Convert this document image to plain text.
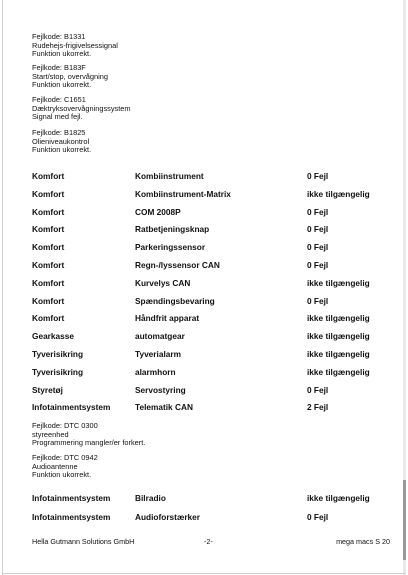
Fejlkode: B1331
Rudehejs-frigivelsessignal
Funktion ukorrekt.
Fejlkode: B183F
Start/stop, overvågning
Funktion ukorrekt.
Fejlkode: C1651
Dæktryksovervågningssystem
Signal med fejl.
Fejlkode: B1825
Olieniveaukontrol
Funktion ukorrekt.
Komfort	Kombiinstrument	0 Fejl
Komfort	Kombiinstrument-Matrix	ikke tilgængelig
Komfort	COM 2008P	0 Fejl
Komfort	Ratbetjeningsknap	0 Fejl
Komfort	Parkeringssensor	0 Fejl
Komfort	Regn-/lyssensor CAN	0 Fejl
Komfort	Kurvelys CAN	ikke tilgængelig
Komfort	Spændingsbevaring	0 Fejl
Komfort	Håndfrit apparat	ikke tilgængelig
Gearkasse	automatgear	ikke tilgængelig
Tyverisikring	Tyverialarm	ikke tilgængelig
Tyverisikring	alarmhorn	ikke tilgængelig
Styretøj	Servostyring	0 Fejl
Infotainmentsystem	Telematik CAN	2 Fejl
Fejlkode: DTC 0300
styreenhed
Programmering mangler/er forkert.
Fejlkode: DTC 0942
Audioantenne
Funktion ukorrekt.
Infotainmentsystem	Bilradio	ikke tilgængelig
Infotainmentsystem	Audioforstærker	0 Fejl
Hella Gutmann Solutions GmbH	-2-	mega macs S 20
